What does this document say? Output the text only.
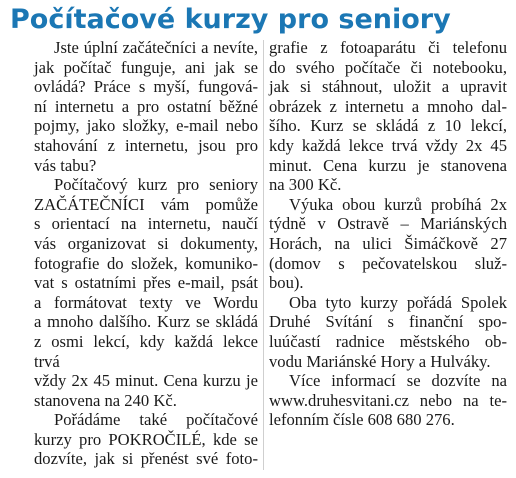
Počítačové kurzy pro seniory

Jste úplní začátečníci a nevíte,
jak počítač funguje, ani jak se
ovládá? Práce s myší, fungová-
ní internetu a pro ostatní běžné
pojmy, jako složky, e-mail nebo
stahování z internetu, jsou pro
vás tabu?

Počítačový kurz pro seniory
ZAČÁTEČNÍCI vám pomůže
s orientací na internetu, naučí
vás organizovat si dokumenty,
fotografie do složek, komuniko-
vat s ostatními přes e-mail, psát
a formátovat texty ve Wordu
a mnoho dalšího. Kurz se skládá
z osmi lekcí, kdy každá lekce trvá
vždy 2x 45 minut. Cena kurzu je
stanovena na 240 Kč.

Pořádáme také počítačové
kurzy pro POKROČILÉ, kde se
dozvíte, jak si přenést své foto-

grafie z fotoaparátu či telefonu
do svého počítače či notebooku,
jak si stáhnout, uložit a upravit
obrázek z internetu a mnoho dal-
šího. Kurz se skládá z 10 lekcí,
kdy každá lekce trvá vždy 2x 45
minut. Cena kurzu je stanovena
na 300 Kč.

Výuka obou kurzů probíhá 2x
týdně v Ostravě – Mariánských
Horách, na ulici Šimáčkově 27
(domov s pečovatelskou služ-
bou).

Oba tyto kurzy pořádá Spolek
Druhé Svítání s finanční spo-
luúčastí radnice městského ob-
vodu Mariánské Hory a Hulváky.

Více informací se dozvíte na
www.druhesvitani.cz nebo na te-
lefonním čísle 608 680 276.
